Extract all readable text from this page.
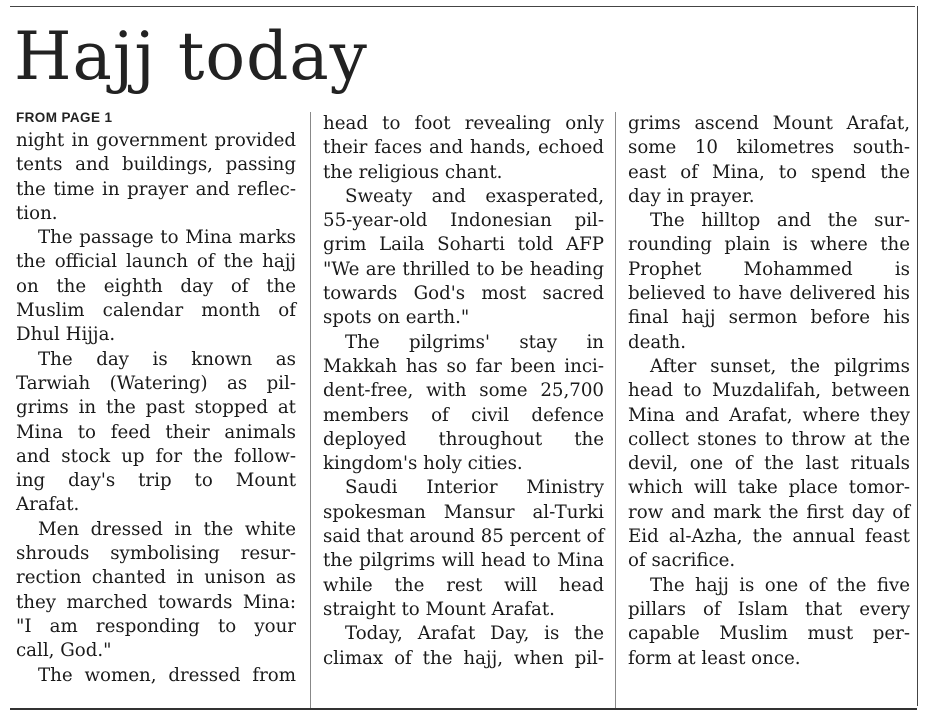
Hajj today
FROM PAGE 1
night in government provided
tents and buildings, passing
the time in prayer and reflec-
tion.
The passage to Mina marks
the official launch of the hajj
on the eighth day of the
Muslim calendar month of
Dhul Hijja.
The day is known as
Tarwiah (Watering) as pil-
grims in the past stopped at
Mina to feed their animals
and stock up for the follow-
ing day's trip to Mount
Arafat.
Men dressed in the white
shrouds symbolising resur-
rection chanted in unison as
they marched towards Mina:
"I am responding to your
call, God."
The women, dressed from
head to foot revealing only
their faces and hands, echoed
the religious chant.
Sweaty and exasperated,
55-year-old Indonesian pil-
grim Laila Soharti told AFP
"We are thrilled to be heading
towards God's most sacred
spots on earth."
The pilgrims' stay in
Makkah has so far been inci-
dent-free, with some 25,700
members of civil defence
deployed throughout the
kingdom's holy cities.
Saudi Interior Ministry
spokesman Mansur al-Turki
said that around 85 percent of
the pilgrims will head to Mina
while the rest will head
straight to Mount Arafat.
Today, Arafat Day, is the
climax of the hajj, when pil-
grims ascend Mount Arafat,
some 10 kilometres south-
east of Mina, to spend the
day in prayer.
The hilltop and the sur-
rounding plain is where the
Prophet Mohammed is
believed to have delivered his
final hajj sermon before his
death.
After sunset, the pilgrims
head to Muzdalifah, between
Mina and Arafat, where they
collect stones to throw at the
devil, one of the last rituals
which will take place tomor-
row and mark the first day of
Eid al-Azha, the annual feast
of sacrifice.
The hajj is one of the five
pillars of Islam that every
capable Muslim must per-
form at least once.
